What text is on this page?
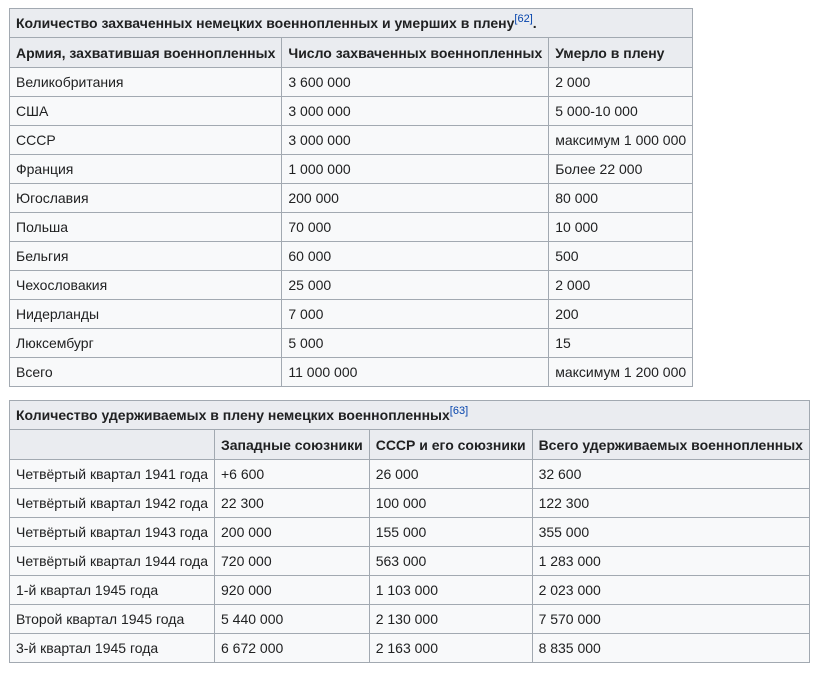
Количество захваченных немецких военнопленных и умерших в плену[62].
Армия, захватившая военнопленных	Число захваченных военнопленных	Умерло в плену
Великобритания	3 600 000	2 000
США	3 000 000	5 000-10 000
СССР	3 000 000	максимум 1 000 000
Франция	1 000 000	Более 22 000
Югославия	200 000	80 000
Польша	70 000	10 000
Бельгия	60 000	500
Чехословакия	25 000	2 000
Нидерланды	7 000	200
Люксембург	5 000	15
Всего	11 000 000	максимум 1 200 000
Количество удерживаемых в плену немецких военнопленных[63]
	Западные союзники	СССР и его союзники	Всего удерживаемых военнопленных
Четвёртый квартал 1941 года	+6 600	26 000	32 600
Четвёртый квартал 1942 года	22 300	100 000	122 300
Четвёртый квартал 1943 года	200 000	155 000	355 000
Четвёртый квартал 1944 года	720 000	563 000	1 283 000
1-й квартал 1945 года	920 000	1 103 000	2 023 000
Второй квартал 1945 года	5 440 000	2 130 000	7 570 000
3-й квартал 1945 года	6 672 000	2 163 000	8 835 000
